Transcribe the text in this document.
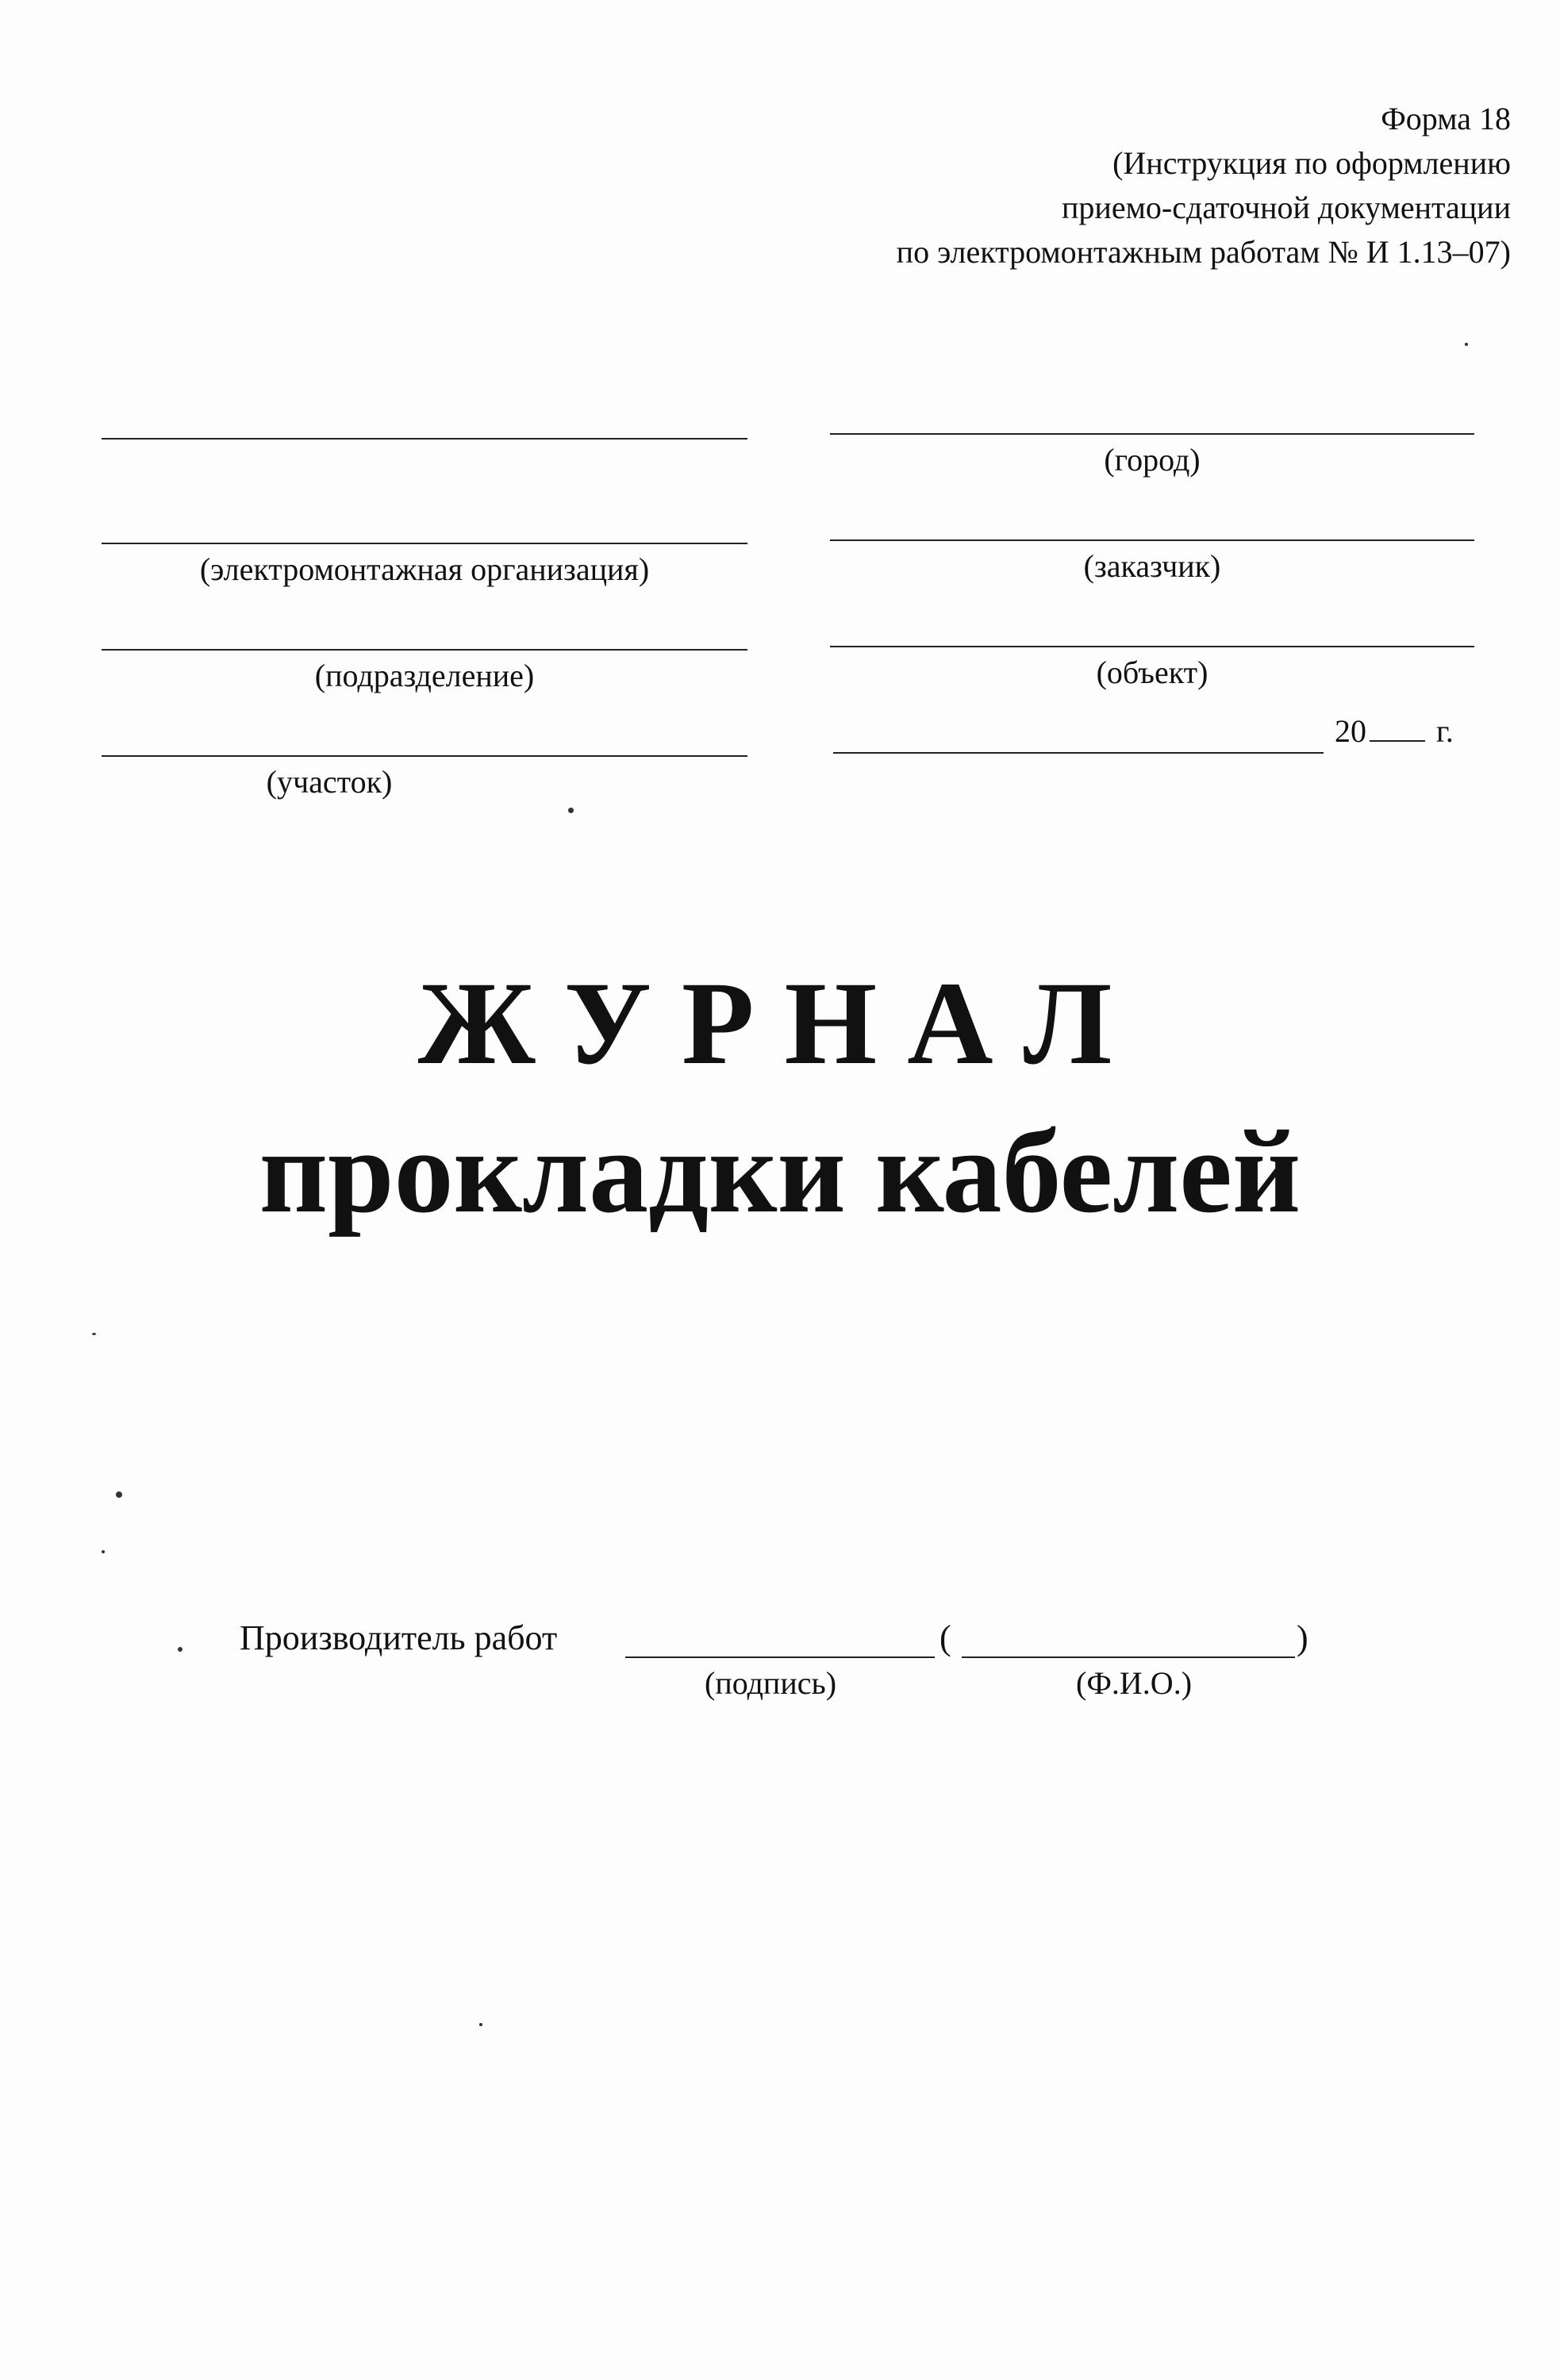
Форма 18
(Инструкция по оформлению
приемо-сдаточной документации
по электромонтажным работам № И 1.13–07)
(электромонтажная организация)
(подразделение)
(участок)
(город)
(заказчик)
(объект)
20 г.
ЖУРНАЛ
прокладки кабелей
Производитель работ	(	)
(подпись)	(Ф.И.О.)
